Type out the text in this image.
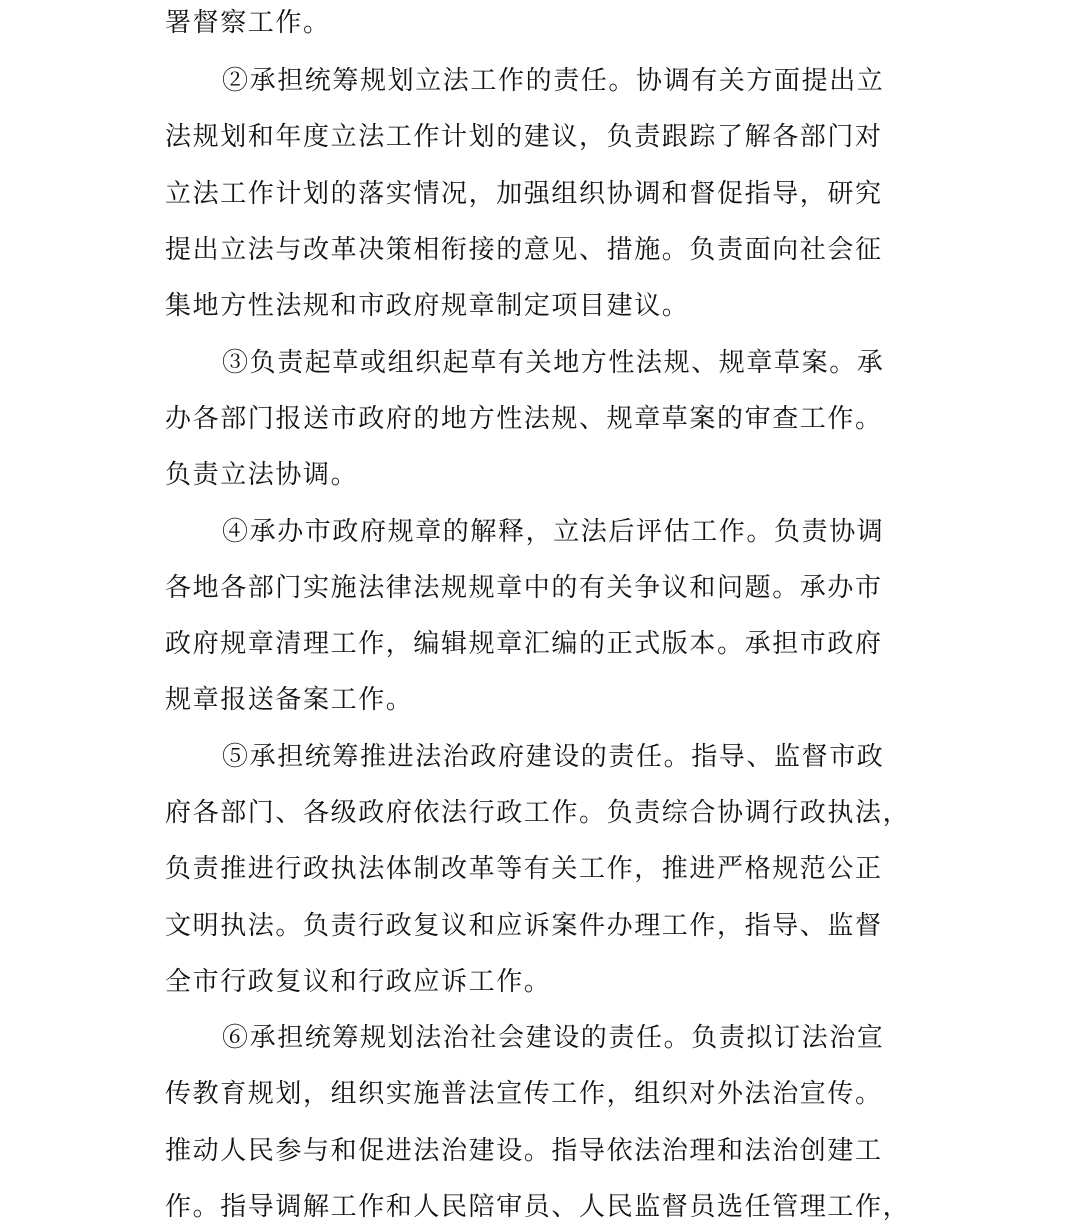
署督察工作。
②承担统筹规划立法工作的责任。协调有关方面提出立
法规划和年度立法工作计划的建议，负责跟踪了解各部门对
立法工作计划的落实情况，加强组织协调和督促指导，研究
提出立法与改革决策相衔接的意见、措施。负责面向社会征
集地方性法规和市政府规章制定项目建议。
③负责起草或组织起草有关地方性法规、规章草案。承
办各部门报送市政府的地方性法规、规章草案的审查工作。
负责立法协调。
④承办市政府规章的解释，立法后评估工作。负责协调
各地各部门实施法律法规规章中的有关争议和问题。承办市
政府规章清理工作，编辑规章汇编的正式版本。承担市政府
规章报送备案工作。
⑤承担统筹推进法治政府建设的责任。指导、监督市政
府各部门、各级政府依法行政工作。负责综合协调行政执法，
负责推进行政执法体制改革等有关工作，推进严格规范公正
文明执法。负责行政复议和应诉案件办理工作，指导、监督
全市行政复议和行政应诉工作。
⑥承担统筹规划法治社会建设的责任。负责拟订法治宣
传教育规划，组织实施普法宣传工作，组织对外法治宣传。
推动人民参与和促进法治建设。指导依法治理和法治创建工
作。指导调解工作和人民陪审员、人民监督员选任管理工作，
